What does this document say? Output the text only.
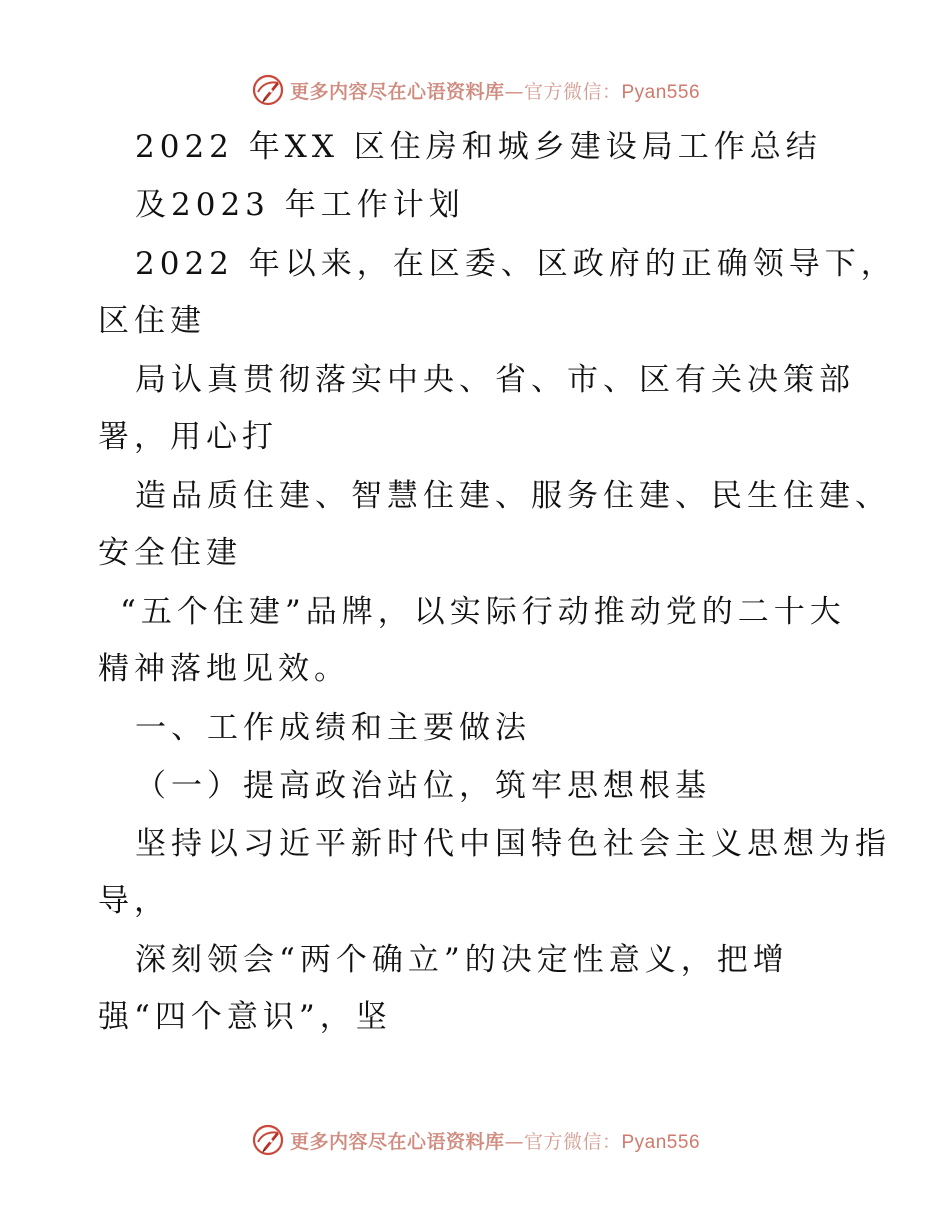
更多内容尽在心语资料库—官方微信：Pyan556
2022 年XX 区住房和城乡建设局工作总结
及2023 年工作计划
2022 年以来，在区委、区政府的正确领导下，
区住建
局认真贯彻落实中央、省、市、区有关决策部
署，用心打
造品质住建、智慧住建、服务住建、民生住建、
安全住建
“五个住建”品牌，以实际行动推动党的二十大
精神落地见效。
一、工作成绩和主要做法
（一）提高政治站位，筑牢思想根基
坚持以习近平新时代中国特色社会主义思想为指
导，
深刻领会“两个确立”的决定性意义，把增
强“四个意识”，坚
更多内容尽在心语资料库—官方微信：Pyan556
